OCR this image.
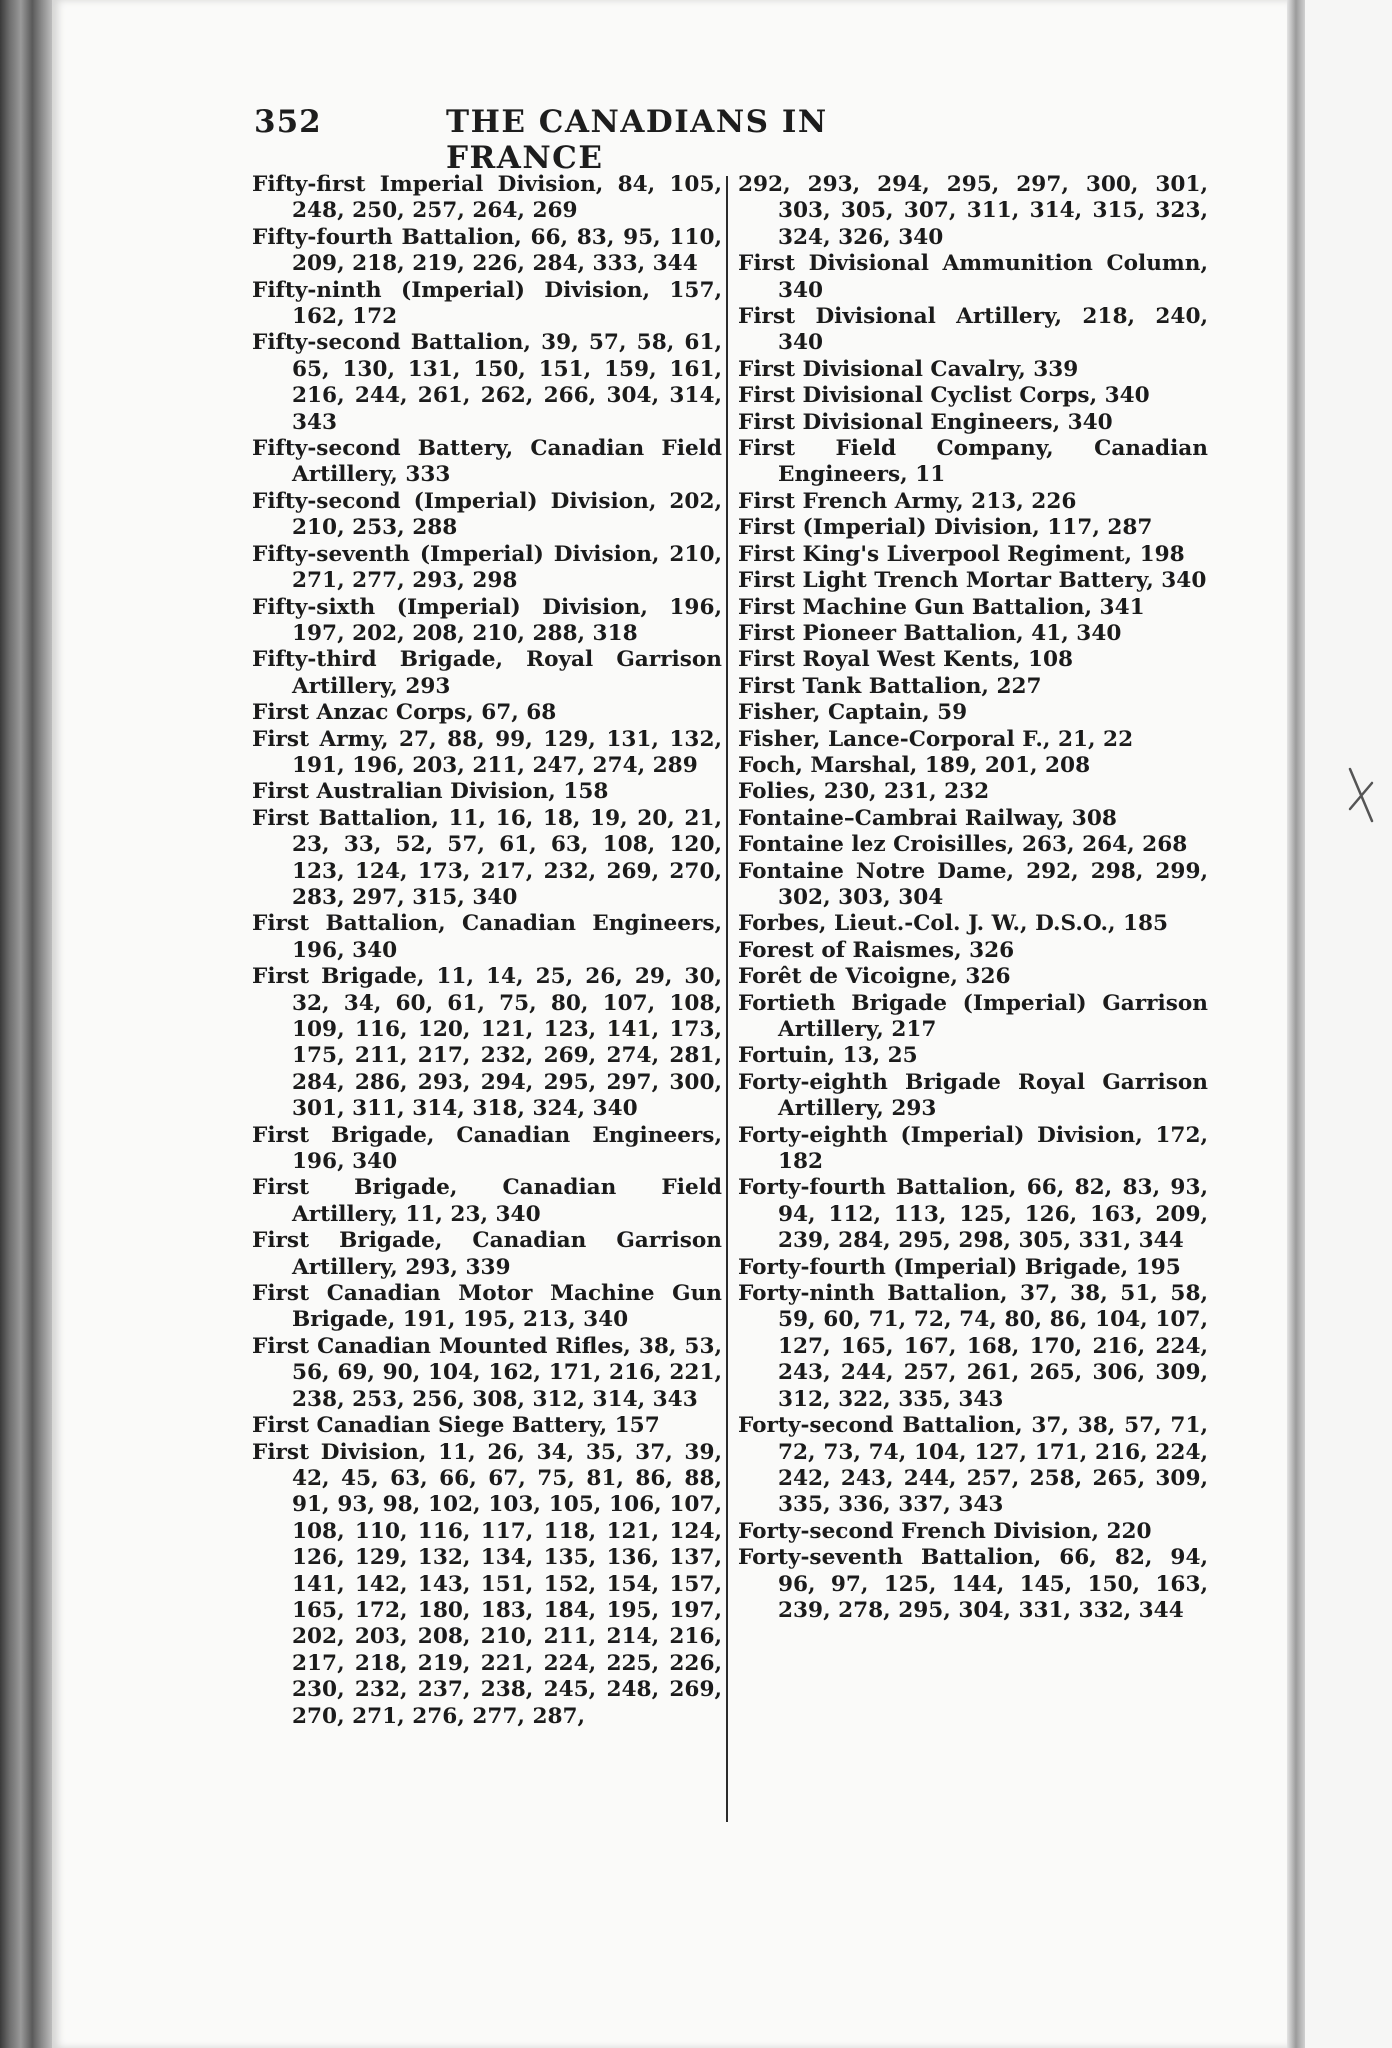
352	THE CANADIANS IN FRANCE

Fifty-first Imperial Division, 84, 105, 248, 250, 257, 264, 269

Fifty-fourth Battalion, 66, 83, 95, 110, 209, 218, 219, 226, 284, 333, 344

Fifty-ninth (Imperial) Division, 157, 162, 172

Fifty-second Battalion, 39, 57, 58, 61, 65, 130, 131, 150, 151, 159, 161, 216, 244, 261, 262, 266, 304, 314, 343

Fifty-second Battery, Canadian Field Artillery, 333

Fifty-second (Imperial) Division, 202, 210, 253, 288

Fifty-seventh (Imperial) Division, 210, 271, 277, 293, 298

Fifty-sixth (Imperial) Division, 196, 197, 202, 208, 210, 288, 318

Fifty-third Brigade, Royal Garrison Artillery, 293

First Anzac Corps, 67, 68

First Army, 27, 88, 99, 129, 131, 132, 191, 196, 203, 211, 247, 274, 289

First Australian Division, 158

First Battalion, 11, 16, 18, 19, 20, 21, 23, 33, 52, 57, 61, 63, 108, 120, 123, 124, 173, 217, 232, 269, 270, 283, 297, 315, 340

First Battalion, Canadian Engineers, 196, 340

First Brigade, 11, 14, 25, 26, 29, 30, 32, 34, 60, 61, 75, 80, 107, 108, 109, 116, 120, 121, 123, 141, 173, 175, 211, 217, 232, 269, 274, 281, 284, 286, 293, 294, 295, 297, 300, 301, 311, 314, 318, 324, 340

First Brigade, Canadian Engineers, 196, 340

First Brigade, Canadian Field Artillery, 11, 23, 340

First Brigade, Canadian Garrison Artillery, 293, 339

First Canadian Motor Machine Gun Brigade, 191, 195, 213, 340

First Canadian Mounted Rifles, 38, 53, 56, 69, 90, 104, 162, 171, 216, 221, 238, 253, 256, 308, 312, 314, 343

First Canadian Siege Battery, 157

First Division, 11, 26, 34, 35, 37, 39, 42, 45, 63, 66, 67, 75, 81, 86, 88, 91, 93, 98, 102, 103, 105, 106, 107, 108, 110, 116, 117, 118, 121, 124, 126, 129, 132, 134, 135, 136, 137, 141, 142, 143, 151, 152, 154, 157, 165, 172, 180, 183, 184, 195, 197, 202, 203, 208, 210, 211, 214, 216, 217, 218, 219, 221, 224, 225, 226, 230, 232, 237, 238, 245, 248, 269, 270, 271, 276, 277, 287,

292, 293, 294, 295, 297, 300, 301, 303, 305, 307, 311, 314, 315, 323, 324, 326, 340

First Divisional Ammunition Column, 340

First Divisional Artillery, 218, 240, 340

First Divisional Cavalry, 339

First Divisional Cyclist Corps, 340

First Divisional Engineers, 340

First Field Company, Canadian Engineers, 11

First French Army, 213, 226

First (Imperial) Division, 117, 287

First King's Liverpool Regiment, 198

First Light Trench Mortar Battery, 340

First Machine Gun Battalion, 341

First Pioneer Battalion, 41, 340

First Royal West Kents, 108

First Tank Battalion, 227

Fisher, Captain, 59

Fisher, Lance-Corporal F., 21, 22

Foch, Marshal, 189, 201, 208

Folies, 230, 231, 232

Fontaine–Cambrai Railway, 308

Fontaine lez Croisilles, 263, 264, 268

Fontaine Notre Dame, 292, 298, 299, 302, 303, 304

Forbes, Lieut.-Col. J. W., D.S.O., 185

Forest of Raismes, 326

Forêt de Vicoigne, 326

Fortieth Brigade (Imperial) Garrison Artillery, 217

Fortuin, 13, 25

Forty-eighth Brigade Royal Garrison Artillery, 293

Forty-eighth (Imperial) Division, 172, 182

Forty-fourth Battalion, 66, 82, 83, 93, 94, 112, 113, 125, 126, 163, 209, 239, 284, 295, 298, 305, 331, 344

Forty-fourth (Imperial) Brigade, 195

Forty-ninth Battalion, 37, 38, 51, 58, 59, 60, 71, 72, 74, 80, 86, 104, 107, 127, 165, 167, 168, 170, 216, 224, 243, 244, 257, 261, 265, 306, 309, 312, 322, 335, 343

Forty-second Battalion, 37, 38, 57, 71, 72, 73, 74, 104, 127, 171, 216, 224, 242, 243, 244, 257, 258, 265, 309, 335, 336, 337, 343

Forty-second French Division, 220

Forty-seventh Battalion, 66, 82, 94, 96, 97, 125, 144, 145, 150, 163, 239, 278, 295, 304, 331, 332, 344
